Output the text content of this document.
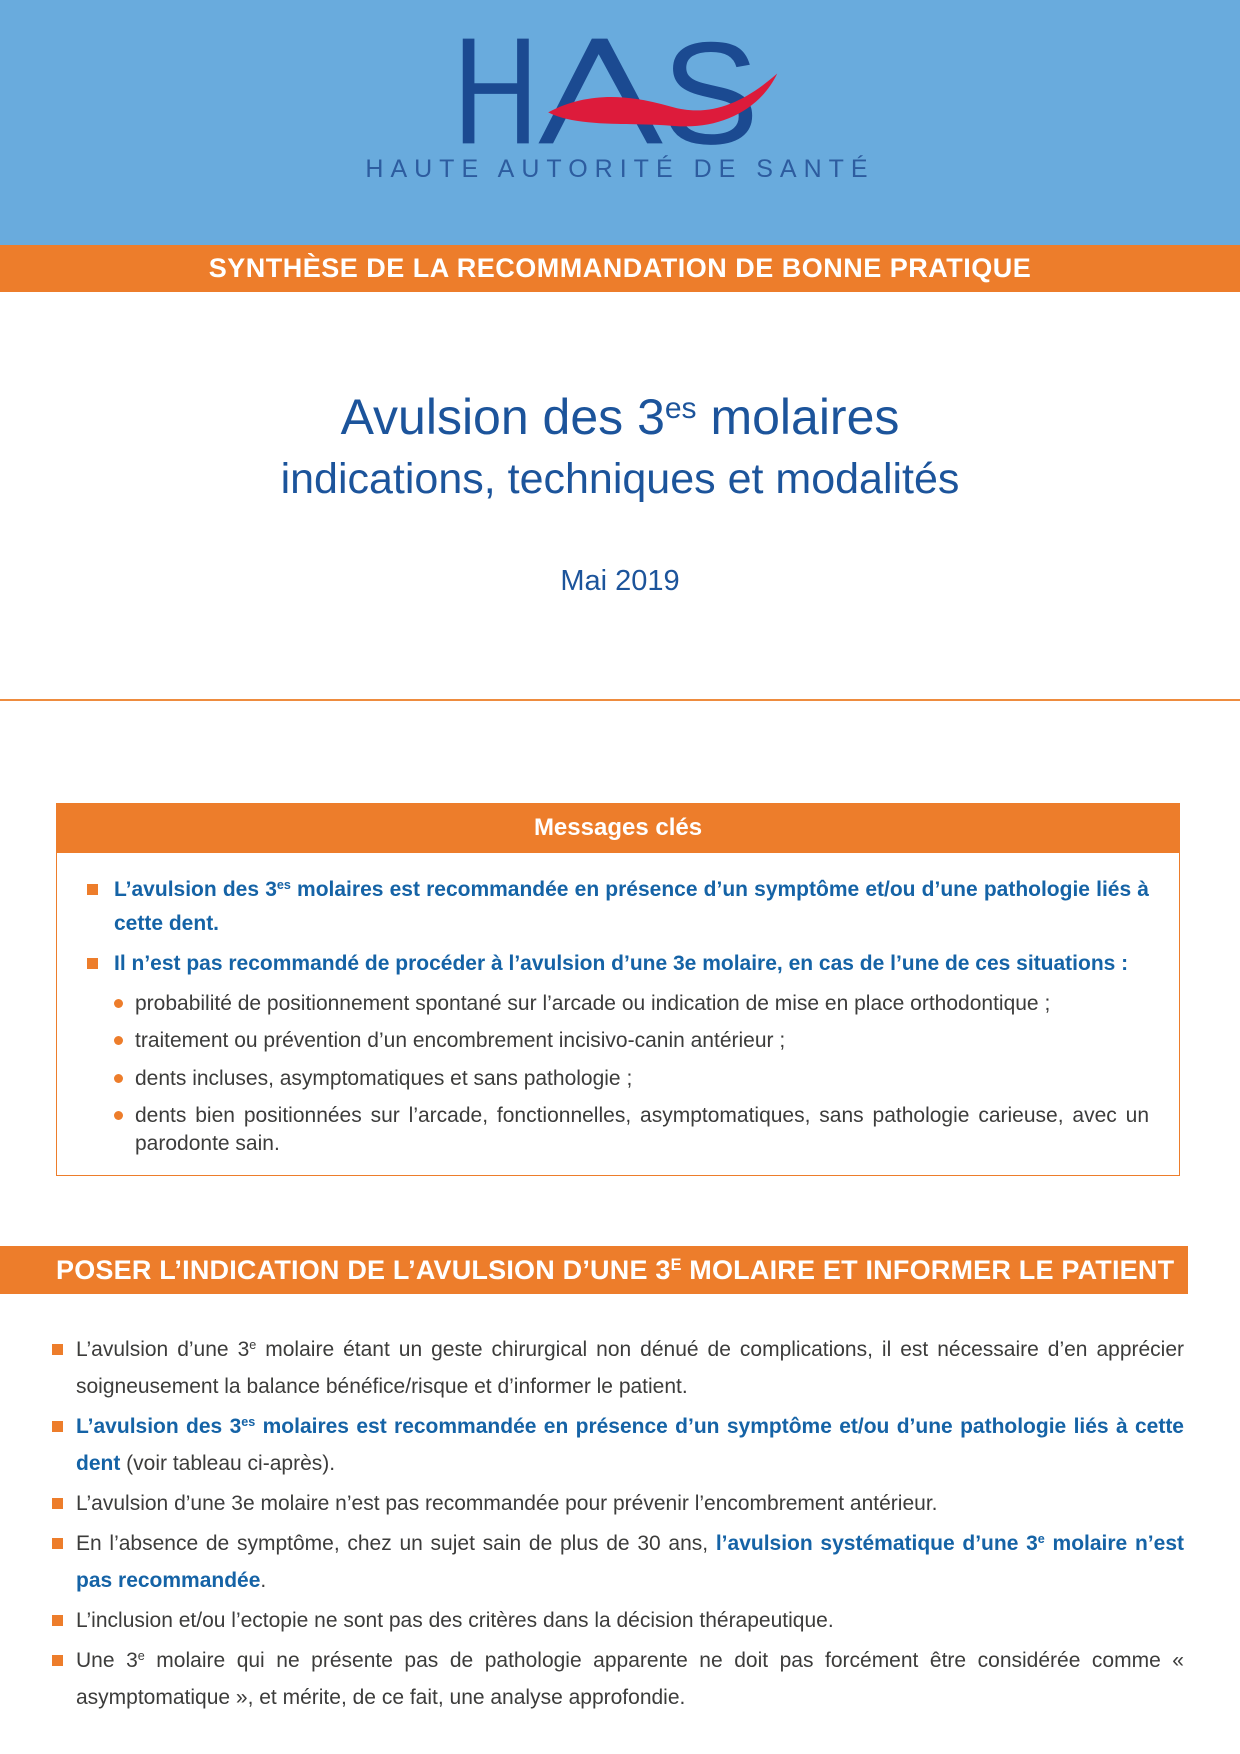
S
HAUTE AUTORITÉ DE SANTÉ
SYNTHÈSE DE LA RECOMMANDATION DE BONNE PRATIQUE
Avulsion des $3^{es}$ molaires
indications, techniques et modalités
Mai 2019
Messages clés
L’avulsion des $3^{es}$ molaires est recommandée en présence d’un symptôme et/ou d’une pathologie liés à cette dent.
Il n’est pas recommandé de procéder à l’avulsion d’une 3e molaire, en cas de l’une de ces situations :
probabilité de positionnement spontané sur l’arcade ou indication de mise en place orthodontique ;
traitement ou prévention d’un encombrement incisivo-canin antérieur ;
dents incluses, asymptomatiques et sans pathologie ;
dents bien positionnées sur l’arcade, fonctionnelles, asymptomatiques, sans pathologie carieuse, avec un parodonte sain.
POSER L’INDICATION DE L’AVULSION D’UNE $3^E$ MOLAIRE ET INFORMER LE PATIENT
L’avulsion d’une 3e molaire étant un geste chirurgical non dénué de complications, il est nécessaire d’en apprécier soigneusement la balance bénéfice/risque et d’informer le patient.
L’avulsion des $3^{es}$ molaires est recommandée en présence d’un symptôme et/ou d’une pathologie liés à cette dent (voir tableau ci-après).
L’avulsion d’une 3e molaire n’est pas recommandée pour prévenir l’encombrement antérieur.
En l’absence de symptôme, chez un sujet sain de plus de 30 ans, l’avulsion systématique d’une 3e molaire n’est pas recommandée.
L’inclusion et/ou l’ectopie ne sont pas des critères dans la décision thérapeutique.
Une 3e molaire qui ne présente pas de pathologie apparente ne doit pas forcément être considérée comme « asymptomatique », et mérite, de ce fait, une analyse approfondie.
